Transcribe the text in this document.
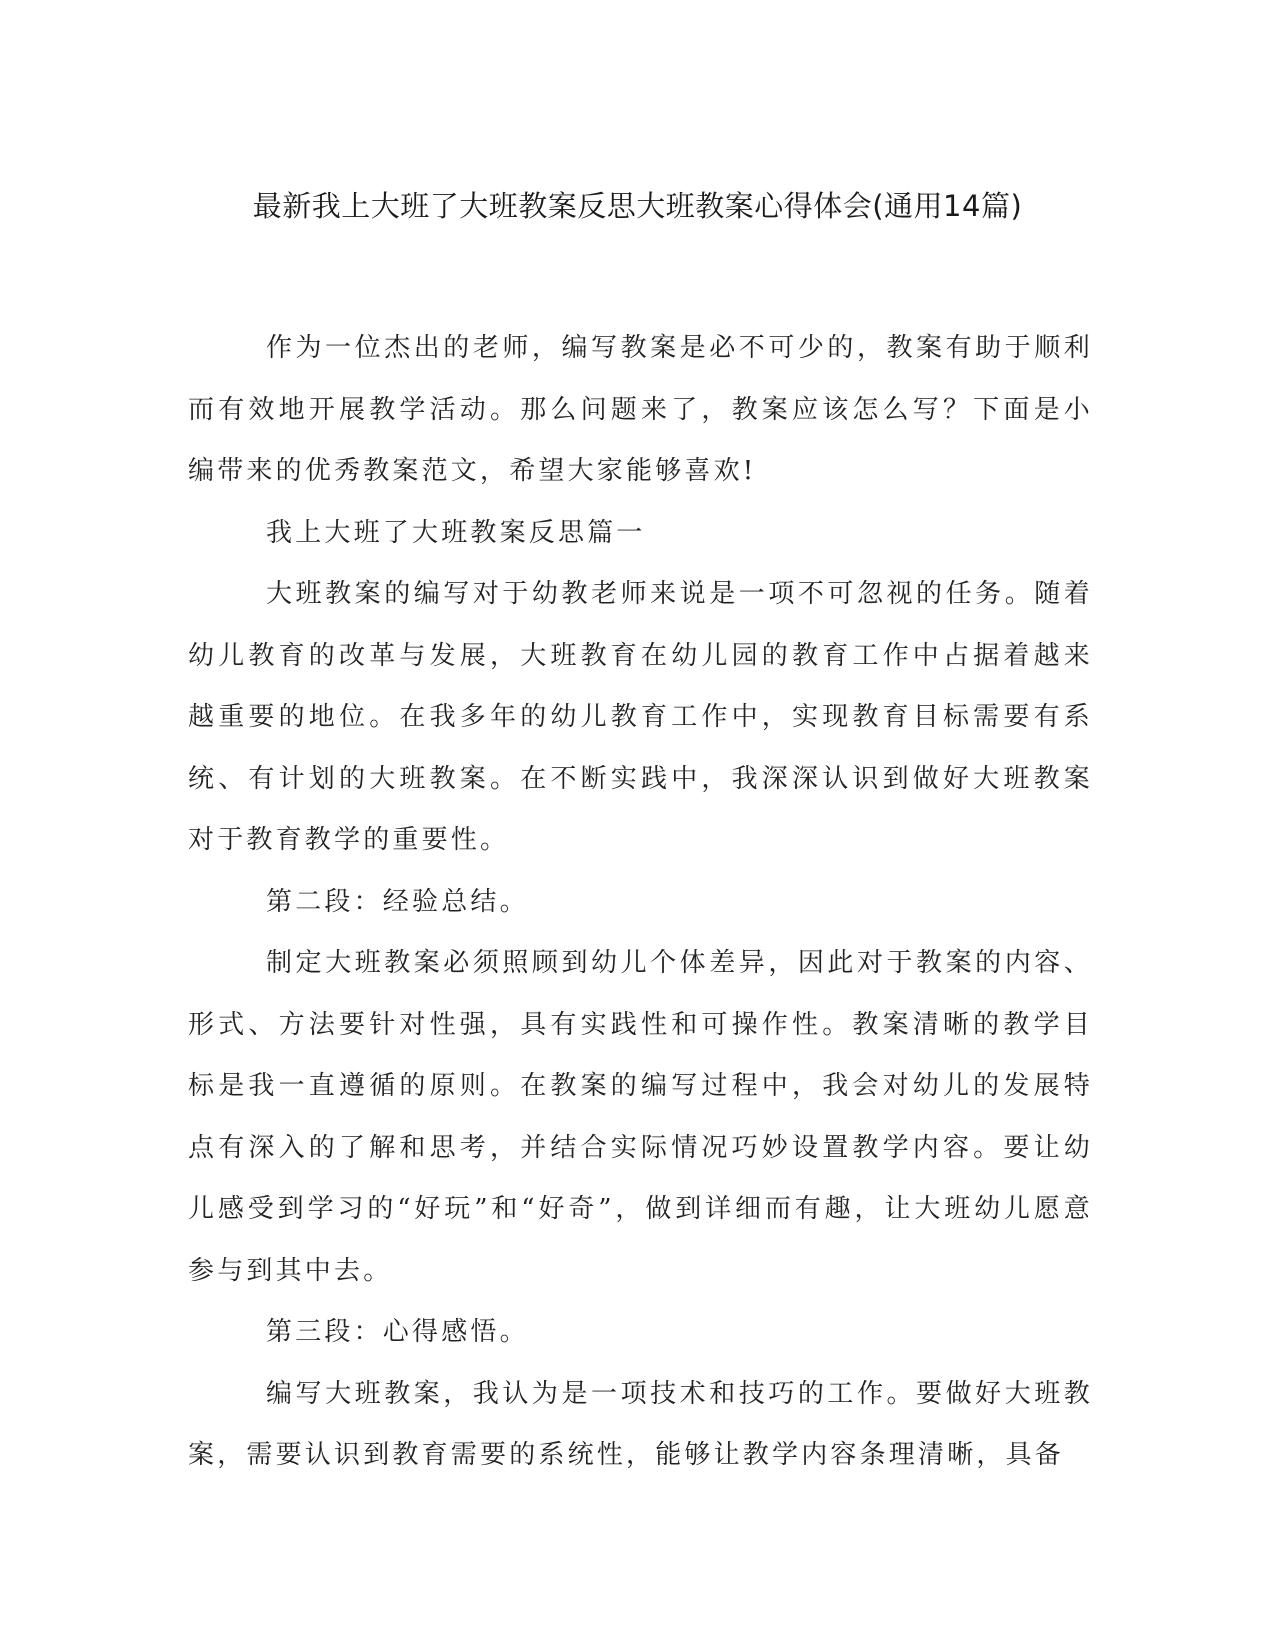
最新我上大班了大班教案反思大班教案心得体会(通用14篇)

作为一位杰出的老师，编写教案是必不可少的，教案有助于顺利而有效地开展教学活动。那么问题来了，教案应该怎么写？下面是小编带来的优秀教案范文，希望大家能够喜欢!

我上大班了大班教案反思篇一

大班教案的编写对于幼教老师来说是一项不可忽视的任务。随着幼儿教育的改革与发展，大班教育在幼儿园的教育工作中占据着越来越重要的地位。在我多年的幼儿教育工作中，实现教育目标需要有系统、有计划的大班教案。在不断实践中，我深深认识到做好大班教案对于教育教学的重要性。

第二段：经验总结。

制定大班教案必须照顾到幼儿个体差异，因此对于教案的内容、形式、方法要针对性强，具有实践性和可操作性。教案清晰的教学目标是我一直遵循的原则。在教案的编写过程中，我会对幼儿的发展特点有深入的了解和思考，并结合实际情况巧妙设置教学内容。要让幼儿感受到学习的“好玩”和“好奇”，做到详细而有趣，让大班幼儿愿意参与到其中去。

第三段：心得感悟。

编写大班教案，我认为是一项技术和技巧的工作。要做好大班教案，需要认识到教育需要的系统性，能够让教学内容条理清晰，具备
